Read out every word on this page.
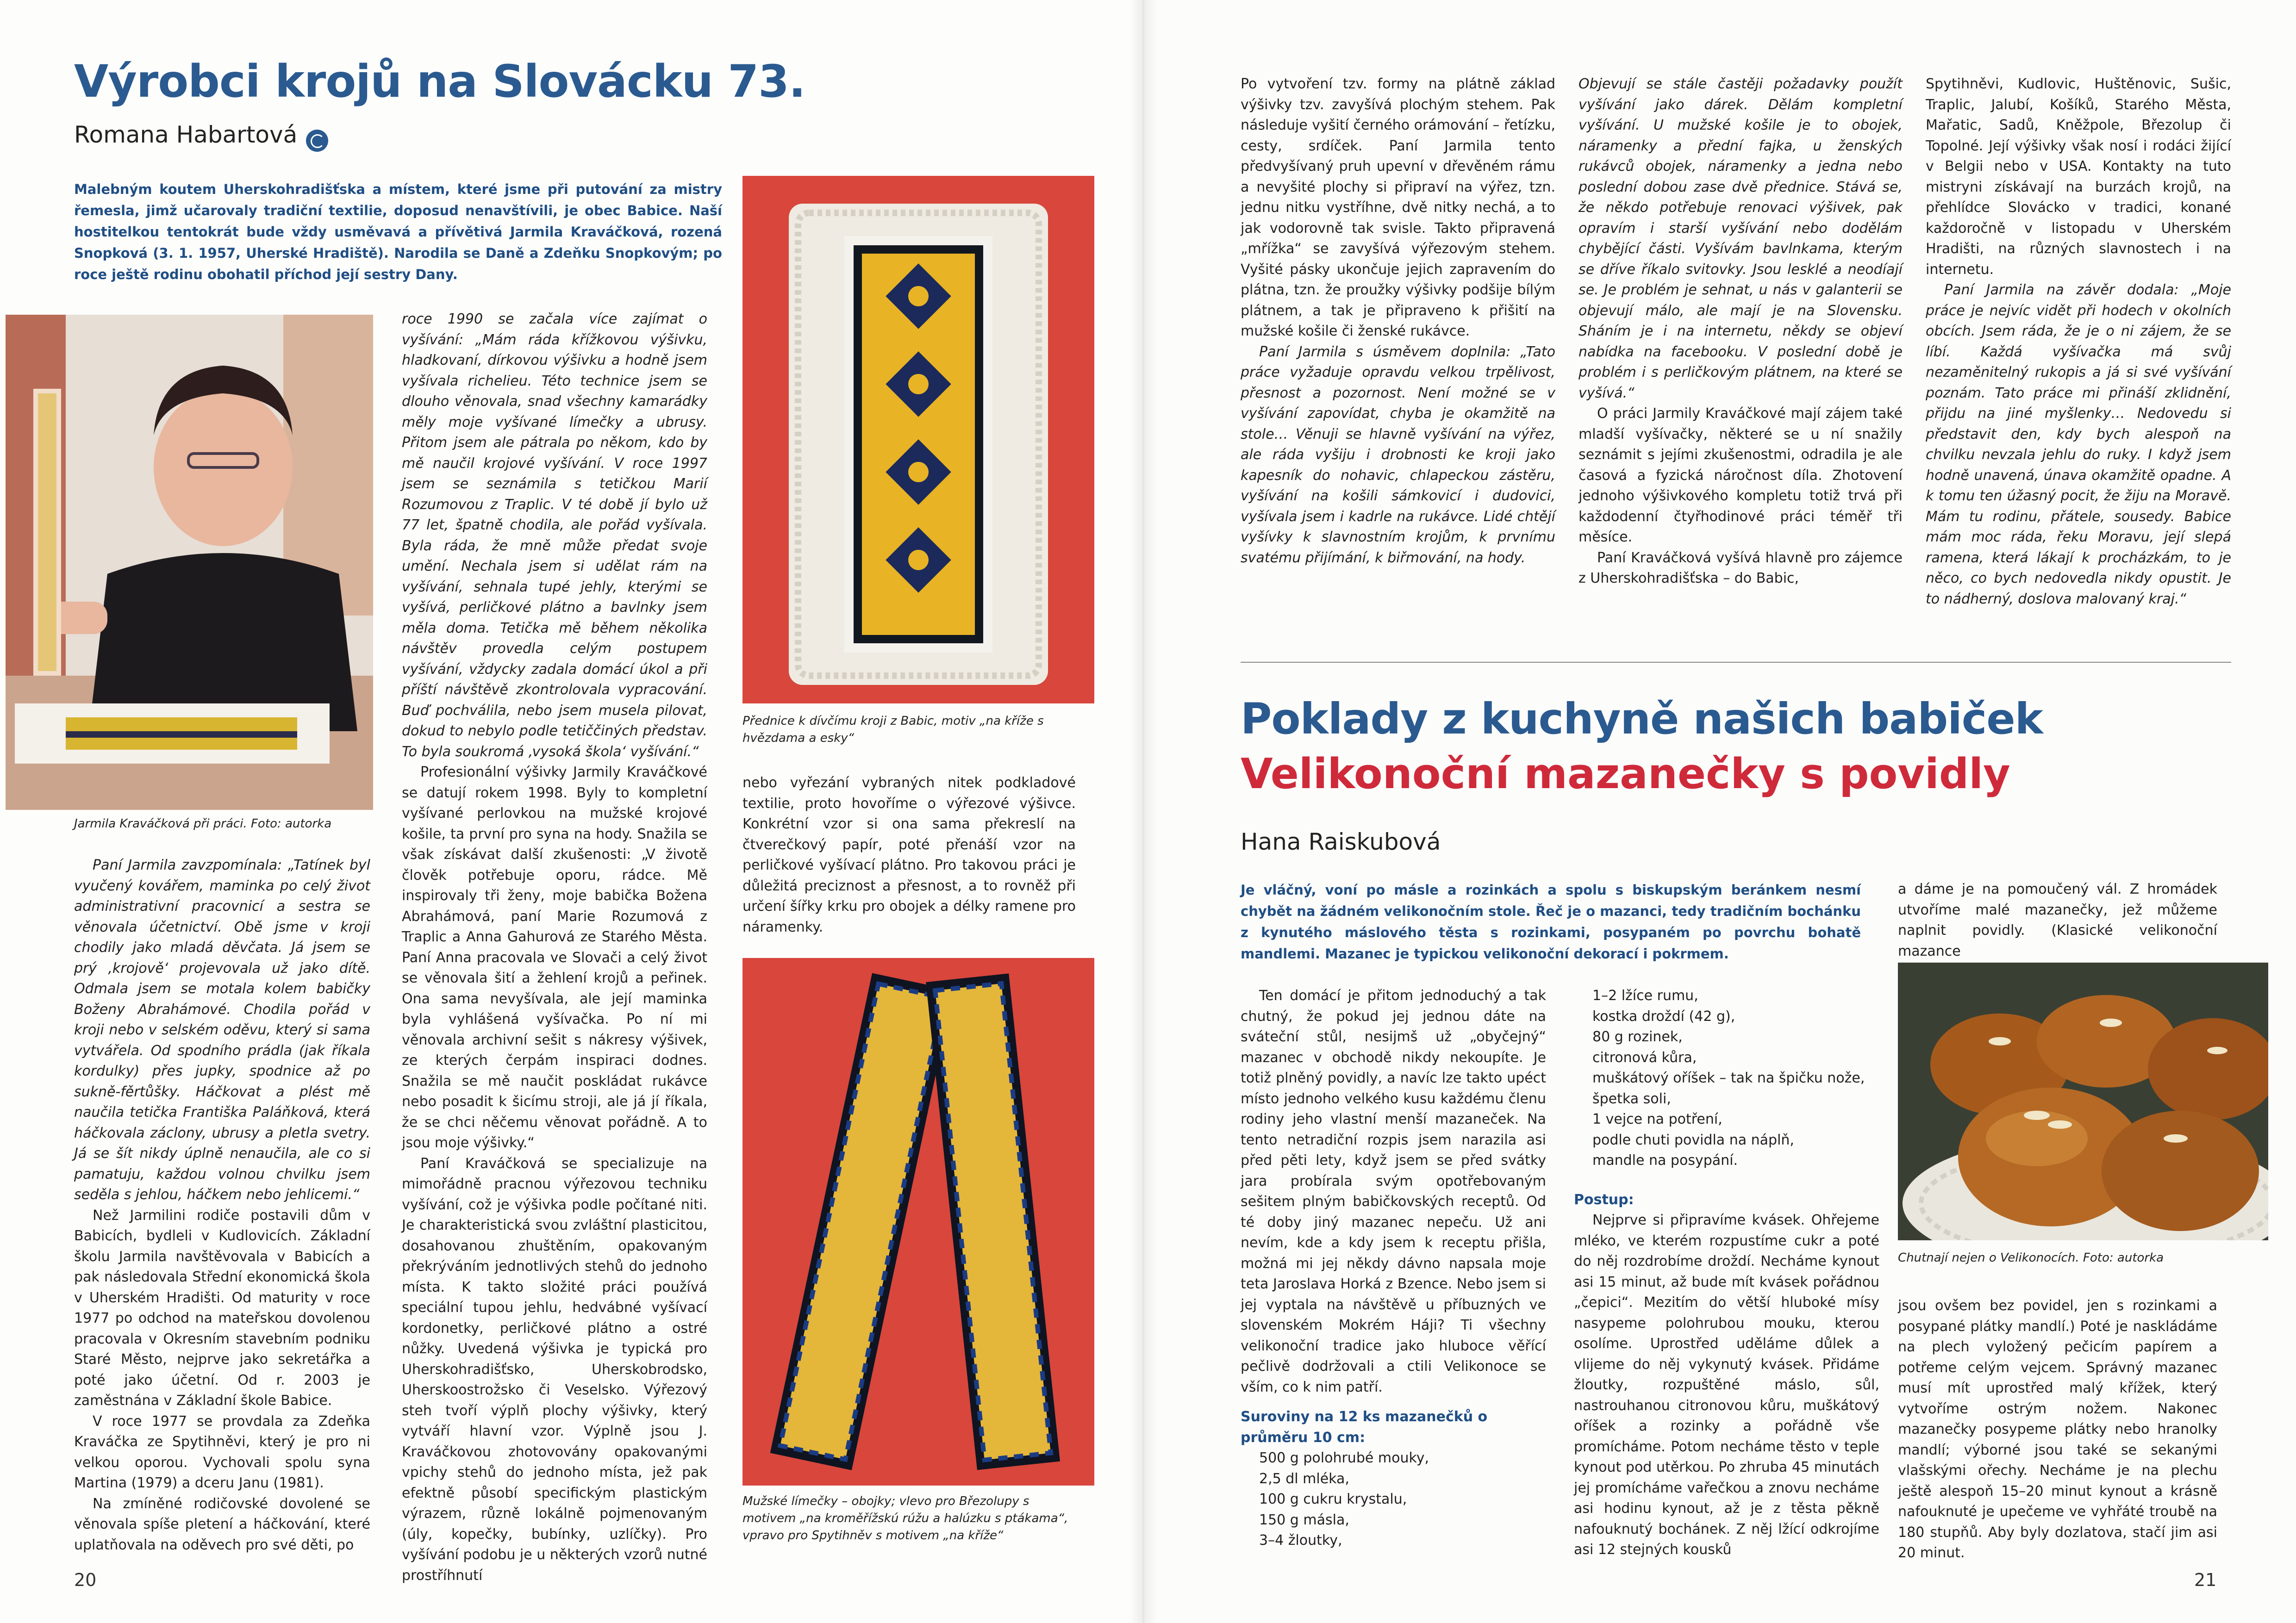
Výrobci krojů na Slovácku 73.
Romana Habartová

Malebným koutem Uherskohradišťska a místem, které jsme při putování za mistry řemesla, jimž učarovaly tradiční textilie, doposud nenavštívili, je obec Babice. Naší hostitelkou tentokrát bude vždy usměvavá a přívětivá Jarmila Kraváčková, rozená Snopková (3. 1. 1957, Uherské Hradiště). Narodila se Daně a Zdeňku Snopkovým; po roce ještě rodinu obohatil příchod její sestry Dany.

Jarmila Kraváčková při práci. Foto: autorka

Paní Jarmila zavzpomínala: „Tatínek byl vyučený kovářem, maminka po celý život administrativní pracovnicí a sestra se věnovala účetnictví. Obě jsme v kroji chodily jako mladá děvčata. Já jsem se prý ‚krojově‘ projevovala už jako dítě. Odmala jsem se motala kolem babičky Boženy Abrahámové. Chodila pořád v kroji nebo v selském oděvu, který si sama vytvářela. Od spodního prádla (jak říkala kordulky) přes jupky, spodnice až po sukně-fěrtůšky. Háčkovat a plést mě naučila tetička Františka Paláňková, která háčkovala záclony, ubrusy a pletla svetry. Já se šít nikdy úplně nenaučila, ale co si pamatuju, každou volnou chvilku jsem seděla s jehlou, háčkem nebo jehlicemi.“

Než Jarmilini rodiče postavili dům v Babicích, bydleli v Kudlovicích. Základní školu Jarmila navštěvovala v Babicích a pak následovala Střední ekonomická škola v Uherském Hradišti. Od maturity v roce 1977 po odchod na mateřskou dovolenou pracovala v Okresním stavebním podniku Staré Město, nejprve jako sekretářka a poté jako účetní. Od r. 2003 je zaměstnána v Základní škole Babice.

V roce 1977 se provdala za Zdeňka Kraváčka ze Spytihněvi, který je pro ni velkou oporou. Vychovali spolu syna Martina (1979) a dceru Janu (1981).

Na zmíněné rodičovské dovolené se věnovala spíše pletení a háčkování, které uplatňovala na oděvech pro své děti, po

roce 1990 se začala více zajímat o vyšívání: „Mám ráda křížkovou výšivku, hladkovaní, dírkovou výšivku a hodně jsem vyšívala richelieu. Této technice jsem se dlouho věnovala, snad všechny kamarádky měly moje vyšívané límečky a ubrusy. Přitom jsem ale pátrala po někom, kdo by mě naučil krojové vyšívání. V roce 1997 jsem se seznámila s tetičkou Marií Rozumovou z Traplic. V té době jí bylo už 77 let, špatně chodila, ale pořád vyšívala. Byla ráda, že mně může předat svoje umění. Nechala jsem si udělat rám na vyšívání, sehnala tupé jehly, kterými se vyšívá, perličkové plátno a bavlnky jsem měla doma. Tetička mě během několika návštěv provedla celým postupem vyšívání, vždycky zadala domácí úkol a při příští návštěvě zkontrolovala vypracování. Buď pochválila, nebo jsem musela pilovat, dokud to nebylo podle tetiččiných představ. To byla soukromá ‚vysoká škola‘ vyšívání.“

Profesionální výšivky Jarmily Kraváčkové se datují rokem 1998. Byly to kompletní vyšívané perlovkou na mužské krojové košile, ta první pro syna na hody. Snažila se však získávat další zkušenosti: „V životě člověk potřebuje oporu, rádce. Mě inspirovaly tři ženy, moje babička Božena Abrahámová, paní Marie Rozumová z Traplic a Anna Gahurová ze Starého Města. Paní Anna pracovala ve Slovači a celý život se věnovala šití a žehlení krojů a peřinek. Ona sama nevyšívala, ale její maminka byla vyhlášená vyšívačka. Po ní mi věnovala archivní sešit s nákresy výšivek, ze kterých čerpám inspiraci dodnes. Snažila se mě naučit poskládat rukávce nebo posadit k šicímu stroji, ale já jí říkala, že se chci něčemu věnovat pořádně. A to jsou moje výšivky.“

Paní Kraváčková se specializuje na mimořádně pracnou výřezovou techniku vyšívání, což je výšivka podle počítané niti. Je charakteristická svou zvláštní plasticitou, dosahovanou zhuštěním, opakovaným překrýváním jednotlivých stehů do jednoho místa. K takto složité práci používá speciální tupou jehlu, hedvábné vyšívací kordonetky, perličkové plátno a ostré nůžky. Uvedená výšivka je typická pro Uherskohradišťsko, Uherskobrodsko, Uherskoostrožsko či Veselsko. Výřezový steh tvoří výplň plochy výšivky, který vytváří hlavní vzor. Výplně jsou J. Kraváčkovou zhotovovány opakovanými vpichy stehů do jednoho místa, jež pak efektně působí specifickým plastickým výrazem, různě lokálně pojmenovaným (úly, kopečky, bubínky, uzlíčky). Pro vyšívání podobu je u některých vzorů nutné prostříhnutí

Přednice k dívčímu kroji z Babic, motiv „na kříže s hvězdama a esky“

nebo vyřezání vybraných nitek podkladové textilie, proto hovoříme o výřezové výšivce. Konkrétní vzor si ona sama překreslí na čtverečkový papír, poté přenáší vzor na perličkové vyšívací plátno. Pro takovou práci je důležitá preciznost a přesnost, a to rovněž při určení šířky krku pro obojek a délky ramene pro náramenky.

Mužské límečky – obojky; vlevo pro Březolupy s motivem „na kroměřížskú rúžu a halúzku s ptákama“, vpravo pro Spytihněv s motivem „na kříže“

20

Po vytvoření tzv. formy na plátně základ výšivky tzv. zavyšívá plochým stehem. Pak následuje vyšití černého orámování – řetízku, cesty, srdíček. Paní Jarmila tento předvyšívaný pruh upevní v dřevěném rámu a nevyšité plochy si připraví na výřez, tzn. jednu nitku vystříhne, dvě nitky nechá, a to jak vodorovně tak svisle. Takto připravená „mřížka“ se zavyšívá výřezovým stehem. Vyšité pásky ukončuje jejich zapravením do plátna, tzn. že proužky výšivky podšije bílým plátnem, a tak je připraveno k přišití na mužské košile či ženské rukávce.

Paní Jarmila s úsměvem doplnila: „Tato práce vyžaduje opravdu velkou trpělivost, přesnost a pozornost. Není možné se v vyšívání zapovídat, chyba je okamžitě na stole… Věnuji se hlavně vyšívání na výřez, ale ráda vyšiju i drobnosti ke kroji jako kapesník do nohavic, chlapeckou zástěru, vyšívání na košili sámkovicí i dudovici, vyšívala jsem i kadrle na rukávce. Lidé chtějí vyšívky k slavnostním krojům, k prvnímu svatému přijímání, k biřmování, na hody.

Objevují se stále častěji požadavky použít vyšívání jako dárek. Dělám kompletní vyšívání. U mužské košile je to obojek, náramenky a přední fajka, u ženských rukávců obojek, náramenky a jedna nebo poslední dobou zase dvě přednice. Stává se, že někdo potřebuje renovaci výšivek, pak opravím i starší vyšívání nebo dodělám chybějící části. Vyšívám bavlnkama, kterým se dříve říkalo svitovky. Jsou lesklé a neodíají se. Je problém je sehnat, u nás v galanterii se objevují málo, ale mají je na Slovensku. Sháním je i na internetu, někdy se objeví nabídka na facebooku. V poslední době je problém i s perličkovým plátnem, na které se vyšívá.“

O práci Jarmily Kraváčkové mají zájem také mladší vyšívačky, některé se u ní snažily seznámit s jejími zkušenostmi, odradila je ale časová a fyzická náročnost díla. Zhotovení jednoho výšivkového kompletu totiž trvá při každodenní čtyřhodinové práci téměř tři měsíce.

Paní Kraváčková vyšívá hlavně pro zájemce z Uherskohradišťska – do Babic,

Spytihněvi, Kudlovic, Huštěnovic, Sušic, Traplic, Jalubí, Košíků, Starého Města, Mařatic, Sadů, Kněžpole, Březolup či Topolné. Její výšivky však nosí i rodáci žijící v Belgii nebo v USA. Kontakty na tuto mistryni získávají na burzách krojů, na přehlídce Slovácko v tradici, konané každoročně v listopadu v Uherském Hradišti, na různých slavnostech i na internetu.

Paní Jarmila na závěr dodala: „Moje práce je nejvíc vidět při hodech v okolních obcích. Jsem ráda, že je o ni zájem, že se líbí. Každá vyšívačka má svůj nezaměnitelný rukopis a já si své vyšívání poznám. Tato práce mi přináší zklidnění, přijdu na jiné myšlenky… Nedovedu si představit den, kdy bych alespoň na chvilku nevzala jehlu do ruky. I když jsem hodně unavená, únava okamžitě opadne. A k tomu ten úžasný pocit, že žiju na Moravě. Mám tu rodinu, přátele, sousedy. Babice mám moc ráda, řeku Moravu, její slepá ramena, která lákají k procházkám, to je něco, co bych nedovedla nikdy opustit. Je to nádherný, doslova malovaný kraj.“

Poklady z kuchyně našich babiček
Velikonoční mazanečky s povidly
Hana Raiskubová

Je vláčný, voní po másle a rozinkách a spolu s biskupským beránkem nesmí chybět na žádném velikonočním stole. Řeč je o mazanci, tedy tradičním bochánku z kynutého máslového těsta s rozinkami, posypaném po povrchu bohatě mandlemi. Mazanec je typickou velikonoční dekorací i pokrmem.

Ten domácí je přitom jednoduchý a tak chutný, že pokud jej jednou dáte na sváteční stůl, nesijmš už „obyčejný“ mazanec v obchodě nikdy nekoupíte. Je totiž plněný povidly, a navíc lze takto upéct místo jednoho velkého kusu každému členu rodiny jeho vlastní menší mazaneček. Na tento netradiční rozpis jsem narazila asi před pěti lety, když jsem se před svátky jara probírala svým opotřebovaným sešitem plným babičkovských receptů. Od té doby jiný mazanec nepeču. Už ani nevím, kde a kdy jsem k receptu přišla, možná mi jej někdy dávno napsala moje teta Jaroslava Horká z Bzence. Nebo jsem si jej vyptala na návštěvě u příbuzných ve slovenském Mokrém Háji? Ti všechny velikonoční tradice jako hluboce věřící pečlivě dodržovali a ctili Velikonoce se vším, co k nim patří.

Suroviny na 12 ks mazanečků o průměru 10 cm:

500 g polohrubé mouky,
2,5 dl mléka,
100 g cukru krystalu,
150 g másla,
3–4 žloutky,
1–2 lžíce rumu,
kostka droždí (42 g),
80 g rozinek,
citronová kůra,
muškátový oříšek – tak na špičku nože,
špetka soli,
1 vejce na potření,
podle chuti povidla na náplň,
mandle na posypání.

Postup:

Nejprve si připravíme kvásek. Ohřejeme mléko, ve kterém rozpustíme cukr a poté do něj rozdrobíme droždí. Necháme kynout asi 15 minut, až bude mít kvásek pořádnou „čepici“. Mezitím do větší hluboké mísy nasypeme polohrubou mouku, kterou osolíme. Uprostřed uděláme důlek a vlijeme do něj vykynutý kvásek. Přidáme žloutky, rozpuštěné máslo, sůl, nastrouhanou citronovou kůru, muškátový oříšek a rozinky a pořádně vše promícháme. Potom necháme těsto v teple kynout pod utěrkou. Po zhruba 45 minutách jej promícháme vařečkou a znovu necháme asi hodinu kynout, až je z těsta pěkně nafouknutý bochánek. Z něj lžící odkrojíme asi 12 stejných kousků

a dáme je na pomoučený vál. Z hromádek utvoříme malé mazanečky, jež můžeme naplnit povidly. (Klasické velikonoční mazance

Chutnají nejen o Velikonocích. Foto: autorka

jsou ovšem bez povidel, jen s rozinkami a posypané plátky mandlí.) Poté je naskládáme na plech vyložený pečicím papírem a potřeme celým vejcem. Správný mazanec musí mít uprostřed malý křížek, který vytvoříme ostrým nožem. Nakonec mazanečky posypeme plátky nebo hranolky mandlí; výborné jsou také se sekanými vlašskými ořechy. Necháme je na plechu ještě alespoň 15–20 minut kynout a krásně nafouknuté je upečeme ve vyhřáté troubě na 180 stupňů. Aby byly dozlatova, stačí jim asi 20 minut.

21
